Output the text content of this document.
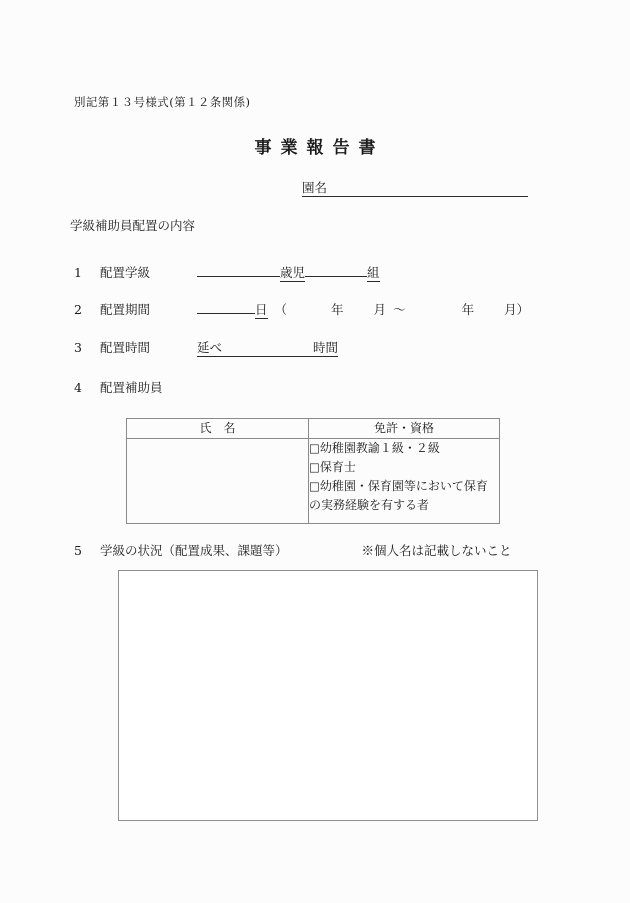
別記第１３号様式(第１２条関係)
事業報告書
園名
学級補助員配置の内容
1 配置学級	歳児	組
2 配置期間	日 （	年 月 ～	年 月）
3 配置時間	延べ	時間
4 配置補助員
氏　名	免許・資格

	□幼稚園教諭１級・２級
□保育士
□幼稚園・保育園等において保育の実務経験を有する者
5 学級の状況（配置成果、課題等）	※個人名は記載しないこと
